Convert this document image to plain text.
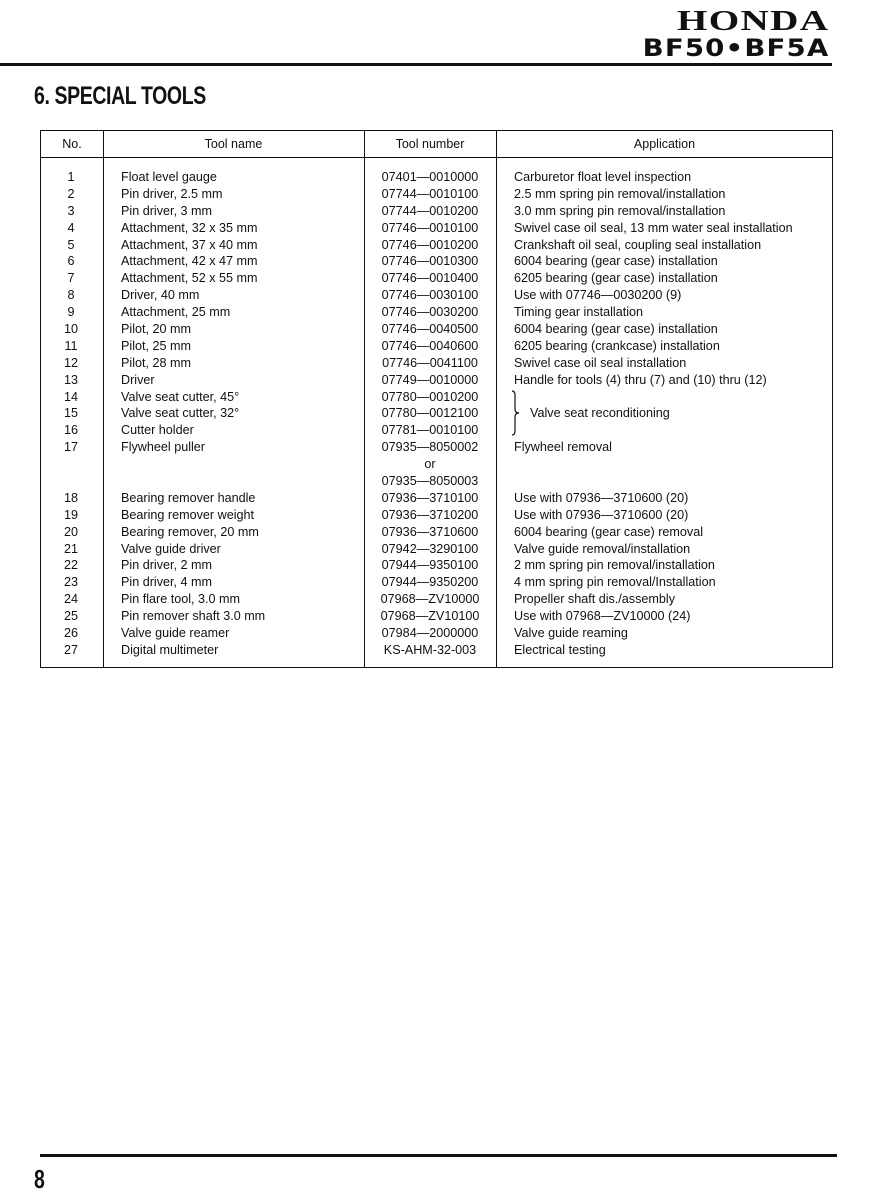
HONDA
BF50•BF5A
6. SPECIAL TOOLS
No.	Tool name	Tool number	Application
1	Float level gauge	07401—0010000	Carburetor float level inspection
2	Pin driver, 2.5 mm	07744—0010100	2.5 mm spring pin removal/installation
3	Pin driver, 3 mm	07744—0010200	3.0 mm spring pin removal/installation
4	Attachment, 32 x 35 mm	07746—0010100	Swivel case oil seal, 13 mm water seal installation
5	Attachment, 37 x 40 mm	07746—0010200	Crankshaft oil seal, coupling seal installation
6	Attachment, 42 x 47 mm	07746—0010300	6004 bearing (gear case) installation
7	Attachment, 52 x 55 mm	07746—0010400	6205 bearing (gear case) installation
8	Driver, 40 mm	07746—0030100	Use with 07746—0030200 (9)
9	Attachment, 25 mm	07746—0030200	Timing gear installation
10	Pilot, 20 mm	07746—0040500	6004 bearing (gear case) installation
11	Pilot, 25 mm	07746—0040600	6205 bearing (crankcase) installation
12	Pilot, 28 mm	07746—0041100	Swivel case oil seal installation
13	Driver	07749—0010000	Handle for tools (4) thru (7) and (10) thru (12)
14	Valve seat cutter, 45°	07780—0010200
15	Valve seat cutter, 32°	07780—0012100	Valve seat reconditioning
16	Cutter holder	07781—0010100
17	Flywheel puller	07935—8050002	Flywheel removal
or
07935—8050003
18	Bearing remover handle	07936—3710100	Use with 07936—3710600 (20)
19	Bearing remover weight	07936—3710200	Use with 07936—3710600 (20)
20	Bearing remover, 20 mm	07936—3710600	6004 bearing (gear case) removal
21	Valve guide driver	07942—3290100	Valve guide removal/installation
22	Pin driver, 2 mm	07944—9350100	2 mm spring pin removal/installation
23	Pin driver, 4 mm	07944—9350200	4 mm spring pin removal/Installation
24	Pin flare tool, 3.0 mm	07968—ZV10000	Propeller shaft dis./assembly
25	Pin remover shaft 3.0 mm	07968—ZV10100	Use with 07968—ZV10000 (24)
26	Valve guide reamer	07984—2000000	Valve guide reaming
27	Digital multimeter	KS-AHM-32-003	Electrical testing
8
